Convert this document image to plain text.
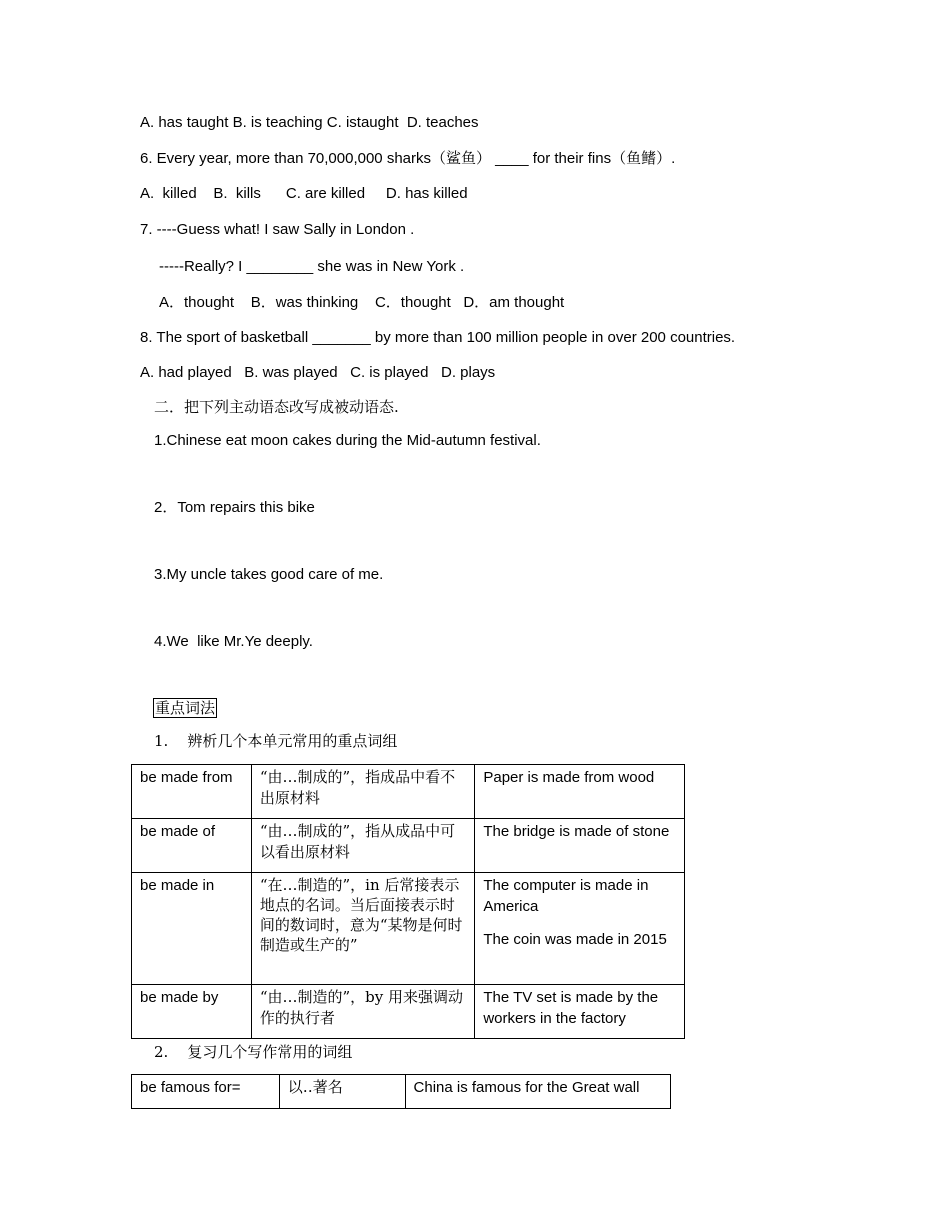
A. has taught B. is teaching C. istaught  D. teaches
6. Every year, more than 70,000,000 sharks（鲨鱼） ____ for their fins（鱼鳍）.
A.  killed    B.  kills      C. are killed     D. has killed
7. ----Guess what! I saw Sally in London .
-----Really? I ________ she was in New York .
A．thought    B．was thinking    C．thought   D．am thought
8. The sport of basketball _______ by more than 100 million people in over 200 countries.
A. had played   B. was played   C. is played   D. plays
二．把下列主动语态改写成被动语态.
1.Chinese eat moon cakes during the Mid-autumn festival.
2．Tom repairs this bike
3.My uncle takes good care of me.
4.We  like Mr.Ye deeply.
重点词法
1.    辨析几个本单元常用的重点词组
be made from	“由…制成的”，指成品中看不出原材料	Paper is made from wood

be made of	“由…制成的”，指从成品中可以看出原材料	The bridge is made of stone

be made in	“在…制造的”，in 后常接表示地点的名词。当后面接表示时间的数词时，意为“某物是何时制造或生产的”	The computer is made in America

The coin was made in 2015

be made by	“由…制造的”，by 用来强调动作的执行者	The TV set is made by the workers in the factory

2.    复习几个写作常用的词组
be famous for=	以‥著名	China is famous for the Great wall
